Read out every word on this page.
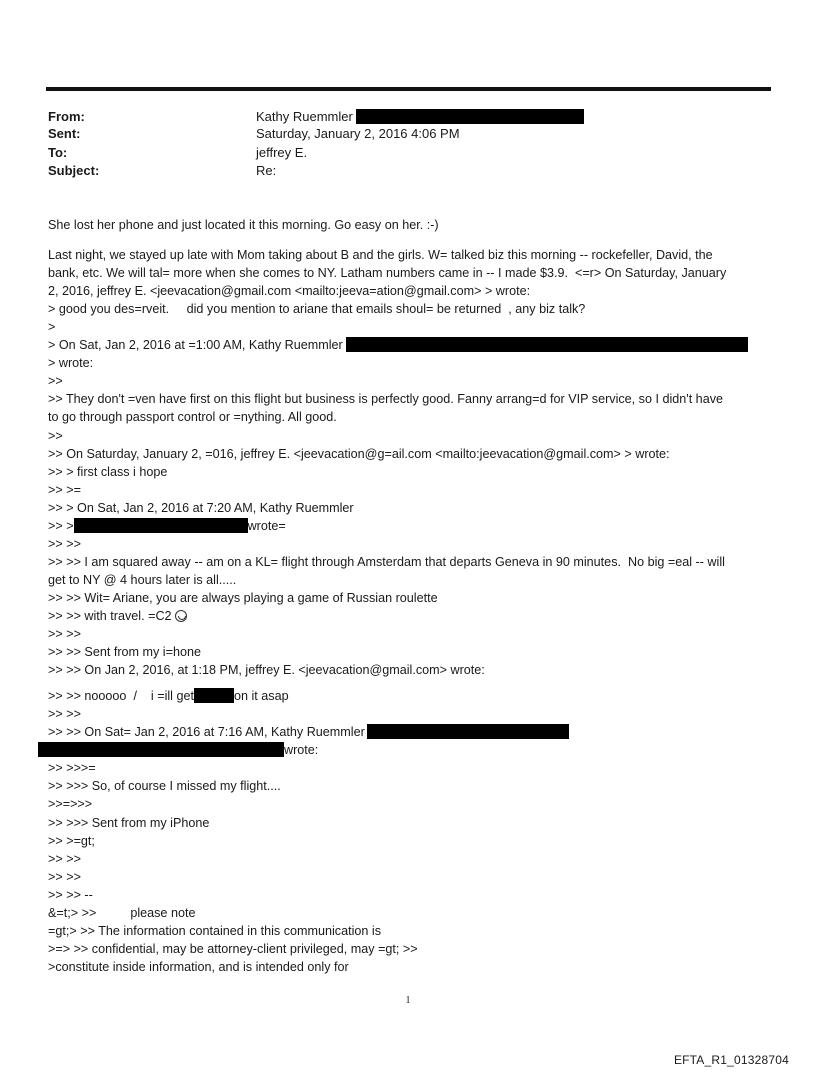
From:	Kathy Ruemmler
Sent:	Saturday, January 2, 2016 4:06 PM
To:	jeffrey E.
Subject:	Re:
She lost her phone and just located it this morning. Go easy on her. :-)
Last night, we stayed up late with Mom taking about B and the girls. W= talked biz this morning -- rockefeller, David, the
bank, etc. We will tal= more when she comes to NY. Latham numbers came in -- I made $3.9.  <=r> On Saturday, January
2, 2016, jeffrey E. <jeevacation@gmail.com <mailto:jeeva=ation@gmail.com> > wrote:
> good you des=rveit.     did you mention to ariane that emails shoul= be returned  , any biz talk?
>
> On Sat, Jan 2, 2016 at =1:00 AM, Kathy Ruemmler
> wrote:
>>
>> They don't =ven have first on this flight but business is perfectly good. Fanny arrang=d for VIP service, so I didn't have
to go through passport control or =nything. All good.
>>
>> On Saturday, January 2, =016, jeffrey E. <jeevacation@g=ail.com <mailto:jeevacation@gmail.com> > wrote:
>> > first class i hope
>> >=
>> > On Sat, Jan 2, 2016 at 7:20 AM, Kathy Ruemmler
>> >	wrote=
>> >>
>> >> I am squared away -- am on a KL= flight through Amsterdam that departs Geneva in 90 minutes.  No big =eal -- will
get to NY @ 4 hours later is all.....
>> >> Wit= Ariane, you are always playing a game of Russian roulette
>> >> with travel. =C2
>> >>
>> >> Sent from my i=hone
>> >> On Jan 2, 2016, at 1:18 PM, jeffrey E. <jeevacation@gmail.com> wrote:
>> >> nooooo  /    i =ill get	on it asap
>> >>
>> >> On Sat= Jan 2, 2016 at 7:16 AM, Kathy Ruemmler
wrote:
>> >>>=
>> >>> So, of course I missed my flight....
>>=>>>
>> >>> Sent from my iPhone
>> >=gt;
>> >>
>> >>
>> >> --
&=t;> >>	please note
=gt;> >> The information contained in this communication is
>=> >> confidential, may be attorney-client privileged, may =gt; >>
>constitute inside information, and is intended only for
1
EFTA_R1_01328704
